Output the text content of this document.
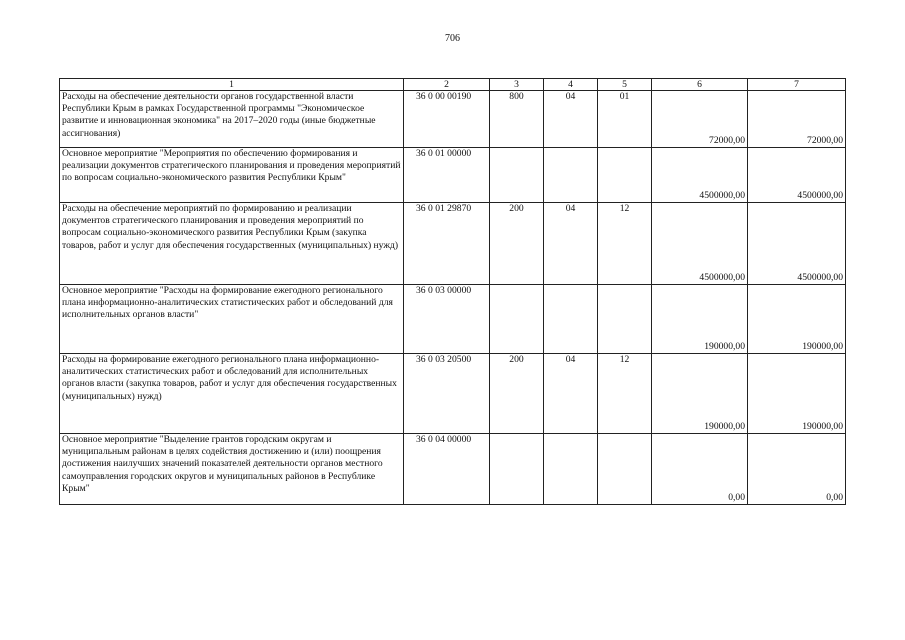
706
1	2	3	4	5	6	7
Расходы на обеспечение деятельности органов государственной власти Республики Крым в рамках Государственной программы "Экономическое развитие и инновационная экономика" на 2017–2020 годы (иные бюджетные ассигнования)	36 0 00 00190	800	04	01	72000,00	72000,00
Основное мероприятие "Мероприятия по обеспечению формирования и реализации документов стратегического планирования и проведения мероприятий по вопросам социально-экономического развития Республики Крым"	36 0 01 00000				4500000,00	4500000,00
Расходы на обеспечение мероприятий по формированию и реализации документов стратегического планирования и проведения мероприятий по вопросам социально-экономического развития Республики Крым (закупка товаров, работ и услуг для обеспечения государственных (муниципальных) нужд)	36 0 01 29870	200	04	12	4500000,00	4500000,00
Основное мероприятие "Расходы на формирование ежегодного регионального плана информационно-аналитических статистических работ и обследований для исполнительных органов власти"	36 0 03 00000				190000,00	190000,00
Расходы на формирование ежегодного регионального плана информационно-аналитических статистических работ и обследований для исполнительных органов власти (закупка товаров, работ и услуг для обеспечения государственных (муниципальных) нужд)	36 0 03 20500	200	04	12	190000,00	190000,00
Основное мероприятие "Выделение грантов городским округам и муниципальным районам в целях содействия достижению и (или) поощрения достижения наилучших значений показателей деятельности органов местного самоуправления городских округов и муниципальных районов в Республике Крым"	36 0 04 00000				0,00	0,00
